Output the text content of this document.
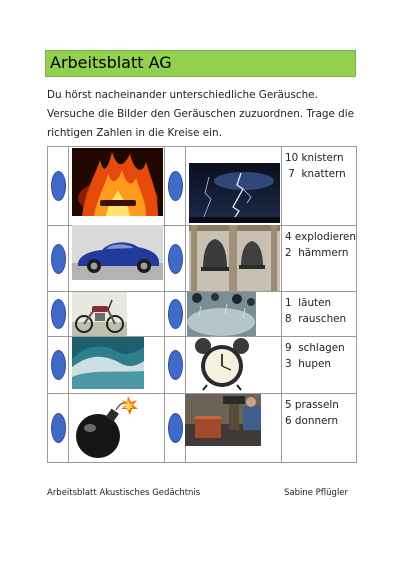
Arbeitsblatt AG
Du hörst nacheinander unterschiedliche Geräusche. Versuche die Bilder den Geräuschen zuzuordnen. Trage die richtigen Zahlen in die Kreise ein.

10 knistern
7  knattern

4 explodieren
2  hämmern

1  läuten
8  rauschen

9  schlagen
3  hupen

5 prasseln
6 donnern
Arbeitsblatt Akustisches Gedächtnis	Sabine Pflügler
